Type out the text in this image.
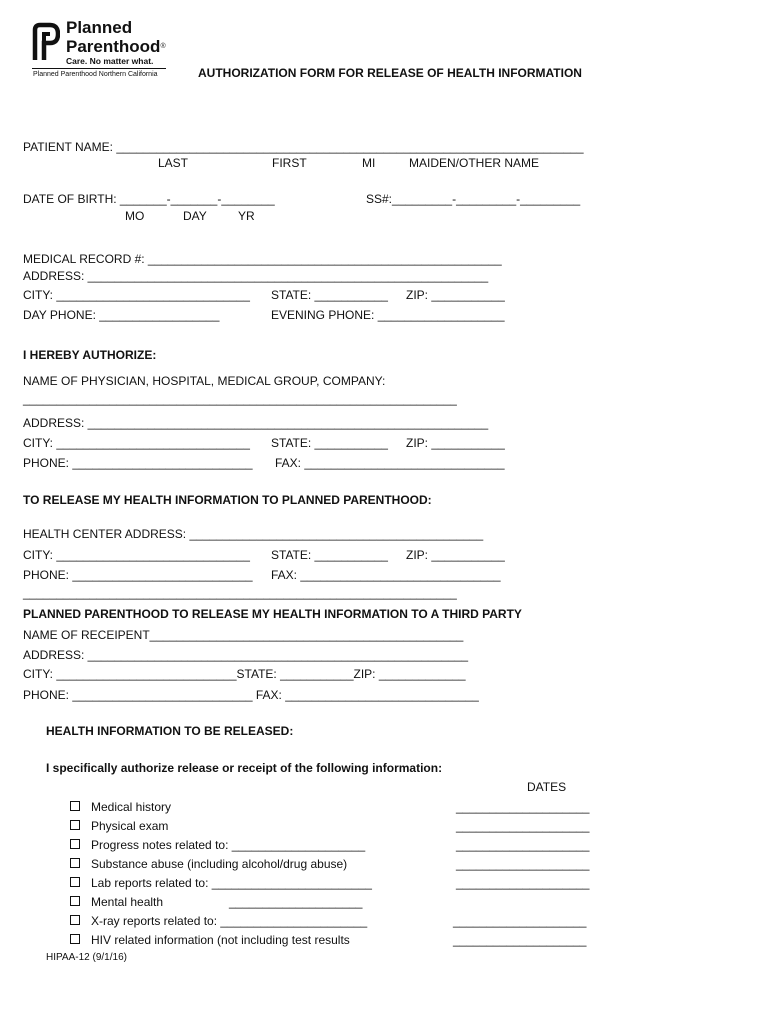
Planned
Parenthood®
Care. No matter what.
Planned Parenthood Northern California	AUTHORIZATION FORM FOR RELEASE OF HEALTH INFORMATION
PATIENT NAME: ______________________________________________________________________
LAST	FIRST	MI	MAIDEN/OTHER NAME
DATE OF BIRTH: _______-_______-________	SS#:_________-_________-_________
MO	DAY	YR
MEDICAL RECORD #: _____________________________________________________
ADDRESS: ____________________________________________________________
CITY: _____________________________ STATE: ___________ ZIP: ___________
DAY PHONE: __________________	EVENING PHONE: ___________________
I HEREBY AUTHORIZE:
NAME OF PHYSICIAN, HOSPITAL, MEDICAL GROUP, COMPANY:
_________________________________________________________________
ADDRESS: ____________________________________________________________
CITY: _____________________________ STATE: ___________ ZIP: ___________
PHONE: ___________________________ FAX: ______________________________
TO RELEASE MY HEALTH INFORMATION TO PLANNED PARENTHOOD:
HEALTH CENTER ADDRESS: ____________________________________________
CITY: _____________________________ STATE: ___________ ZIP: ___________
PHONE: ___________________________ FAX: ______________________________
_________________________________________________________________
PLANNED PARENTHOOD TO RELEASE MY HEALTH INFORMATION TO A THIRD PARTY
NAME OF RECEIPENT_______________________________________________
ADDRESS: _________________________________________________________
CITY: ___________________________STATE: ___________ZIP: _____________
PHONE: ___________________________ FAX: _____________________________
HEALTH INFORMATION TO BE RELEASED:
I specifically authorize release or receipt of the following information:
DATES
Medical history	____________________
Physical exam	____________________
Progress notes related to: ____________________	____________________
Substance abuse (including alcohol/drug abuse)	____________________
Lab reports related to: ________________________	____________________
Mental health	____________________
X-ray reports related to: ______________________	____________________
HIV related information (not including test results	____________________
HIPAA-12 (9/1/16)
